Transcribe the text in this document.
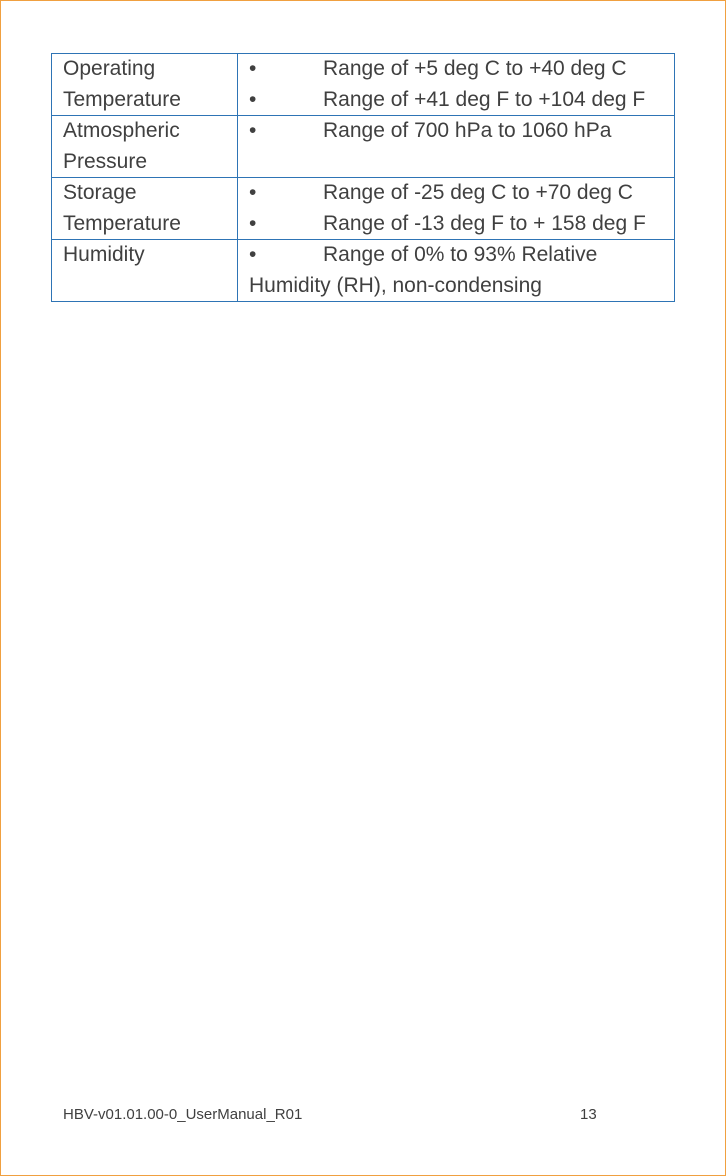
Operating Temperature	• Range of +5 deg C to +40 deg C
• Range of +41 deg F to +104 deg F

Atmospheric Pressure	• Range of 700 hPa to 1060 hPa

Storage Temperature	• Range of -25 deg C to +70 deg C
• Range of -13 deg F to + 158 deg F

Humidity	• Range of 0% to 93% Relative Humidity (RH), non-condensing
HBV-v01.01.00-0_UserManual_R01	13
